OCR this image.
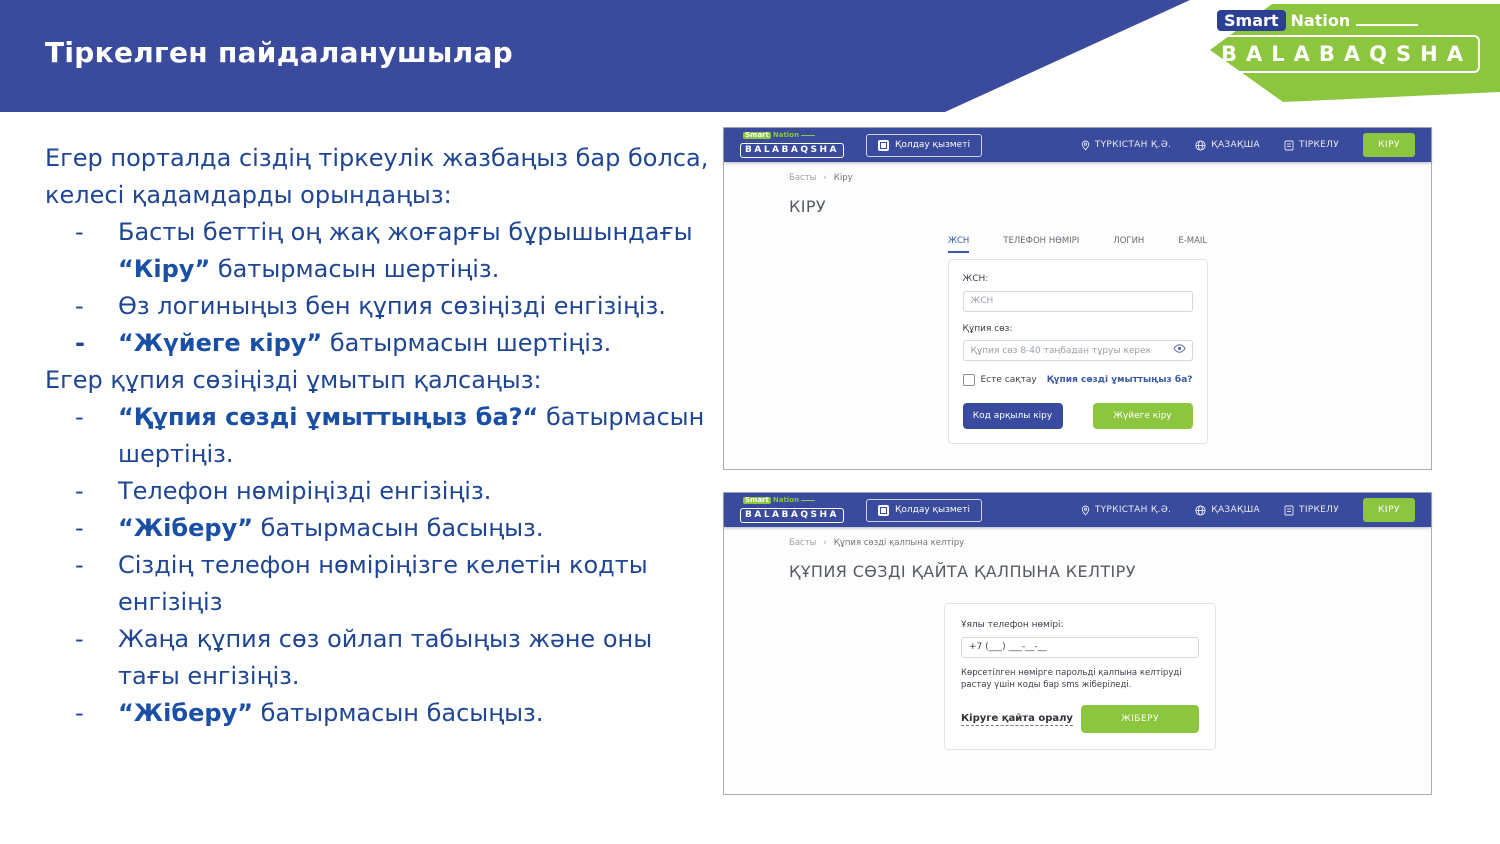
Тіркелген пайдаланушылар
Smart Nation
BALABAQSHA

Егер порталда сіздің тіркеулік жазбаңыз бар болса, келесі қадамдарды орындаңыз:

-	Басты беттің оң жақ жоғарғы бұрышындағы “Кіру” батырмасын шертіңіз.
-	Өз логиныңыз бен құпия сөзіңізді енгізіңіз.
-	“Жүйеге кіру” батырмасын шертіңіз.

Егер құпия сөзіңізді ұмытып қалсаңыз:

-	“Құпия сөзді ұмыттыңыз ба?“ батырмасын шертіңіз.
-	Телефон нөміріңізді енгізіңіз.
-	“Жіберу” батырмасын басыңыз.
-	Сіздің телефон нөміріңізге келетін кодты енгізіңіз
-	Жаңа құпия сөз ойлап табыңыз және оны тағы енгізіңіз.
-	“Жіберу” батырмасын басыңыз.
Smart Nation
BALABAQSHA	Қолдау қызметі	ТҮРКІСТАН Қ.Ә.	ҚАЗАҚША	ТІРКЕЛУ	КІРУ
Басты › Кіру
КІРУ
ЖСН	ТЕЛЕФОН НӨМІРІ	ЛОГИН	E-MAIL
ЖСН:
ЖСН
Құпия сөз:
Құпия сөз 8-40 таңбадан тұруы керек
Есте сақтау Құпия сөзді ұмыттыңыз ба?
Код арқылы кіру	Жүйеге кіру
Smart Nation
BALABAQSHA	Қолдау қызметі	ТҮРКІСТАН Қ.Ә.	ҚАЗАҚША	ТІРКЕЛУ	КІРУ
Басты › Құпия сөзді қалпына келтіру
ҚҰПИЯ СӨЗДІ ҚАЙТА ҚАЛПЫНА КЕЛТІРУ
Ұялы телефон нөмірі:
+7 (___) ___-__-__
Көрсетілген нөмірге парольді қалпына келтіруді растау үшін коды бар sms жіберіледі.
Кіруге қайта оралу	ЖІБЕРУ
